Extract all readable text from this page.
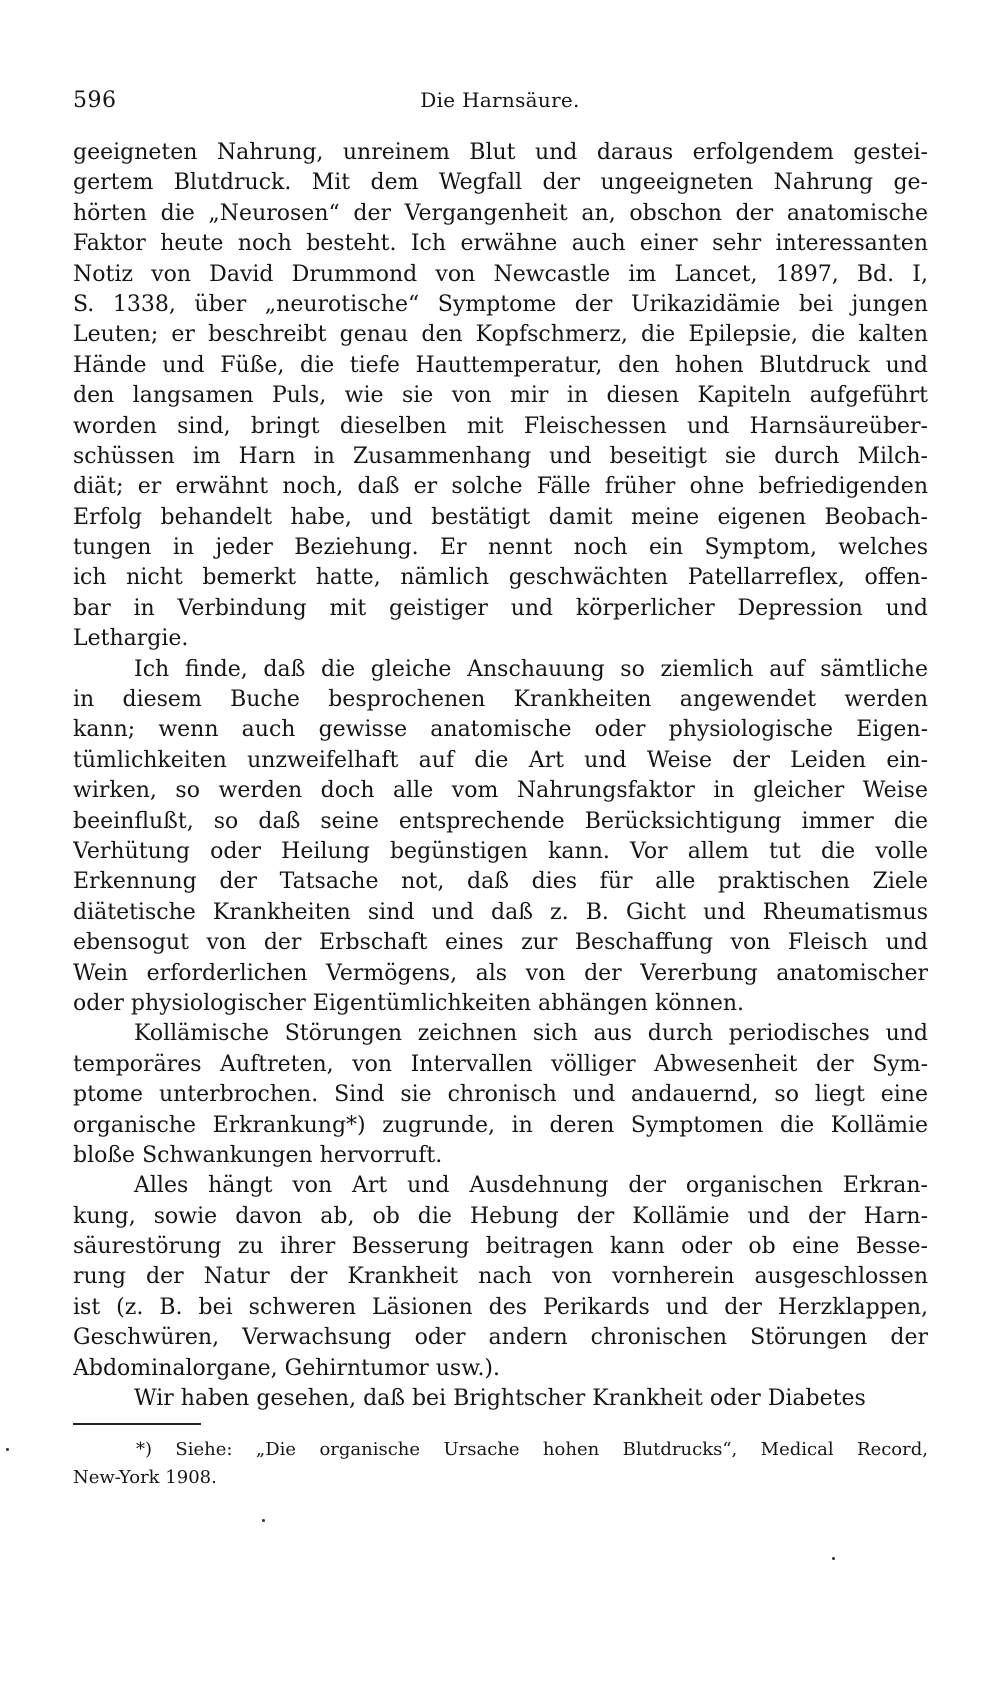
596	Die Harnsäure.
geeigneten Nahrung, unreinem Blut und daraus erfolgendem gestei-
gertem Blutdruck. Mit dem Wegfall der ungeeigneten Nahrung ge-
hörten die „Neurosen“ der Vergangenheit an, obschon der anatomische
Faktor heute noch besteht. Ich erwähne auch einer sehr interessanten
Notiz von David Drummond von Newcastle im Lancet, 1897, Bd. I,
S. 1338, über „neurotische“ Symptome der Urikazidämie bei jungen
Leuten; er beschreibt genau den Kopfschmerz, die Epilepsie, die kalten
Hände und Füße, die tiefe Hauttemperatur, den hohen Blutdruck und
den langsamen Puls, wie sie von mir in diesen Kapiteln aufgeführt
worden sind, bringt dieselben mit Fleischessen und Harnsäureüber-
schüssen im Harn in Zusammenhang und beseitigt sie durch Milch-
diät; er erwähnt noch, daß er solche Fälle früher ohne befriedigenden
Erfolg behandelt habe, und bestätigt damit meine eigenen Beobach-
tungen in jeder Beziehung. Er nennt noch ein Symptom, welches
ich nicht bemerkt hatte, nämlich geschwächten Patellarreflex, offen-
bar in Verbindung mit geistiger und körperlicher Depression und
Lethargie.
Ich finde, daß die gleiche Anschauung so ziemlich auf sämtliche
in diesem Buche besprochenen Krankheiten angewendet werden
kann; wenn auch gewisse anatomische oder physiologische Eigen-
tümlichkeiten unzweifelhaft auf die Art und Weise der Leiden ein-
wirken, so werden doch alle vom Nahrungsfaktor in gleicher Weise
beeinflußt, so daß seine entsprechende Berücksichtigung immer die
Verhütung oder Heilung begünstigen kann. Vor allem tut die volle
Erkennung der Tatsache not, daß dies für alle praktischen Ziele
diätetische Krankheiten sind und daß z. B. Gicht und Rheumatismus
ebensogut von der Erbschaft eines zur Beschaffung von Fleisch und
Wein erforderlichen Vermögens, als von der Vererbung anatomischer
oder physiologischer Eigentümlichkeiten abhängen können.
Kollämische Störungen zeichnen sich aus durch periodisches und
temporäres Auftreten, von Intervallen völliger Abwesenheit der Sym-
ptome unterbrochen. Sind sie chronisch und andauernd, so liegt eine
organische Erkrankung*) zugrunde, in deren Symptomen die Kollämie
bloße Schwankungen hervorruft.
Alles hängt von Art und Ausdehnung der organischen Erkran-
kung, sowie davon ab, ob die Hebung der Kollämie und der Harn-
säurestörung zu ihrer Besserung beitragen kann oder ob eine Besse-
rung der Natur der Krankheit nach von vornherein ausgeschlossen
ist (z. B. bei schweren Läsionen des Perikards und der Herzklappen,
Geschwüren, Verwachsung oder andern chronischen Störungen der
Abdominalorgane, Gehirntumor usw.).
Wir haben gesehen, daß bei Brightscher Krankheit oder Diabetes
*) Siehe: „Die organische Ursache hohen Blutdrucks“, Medical Record,
New-York 1908.
